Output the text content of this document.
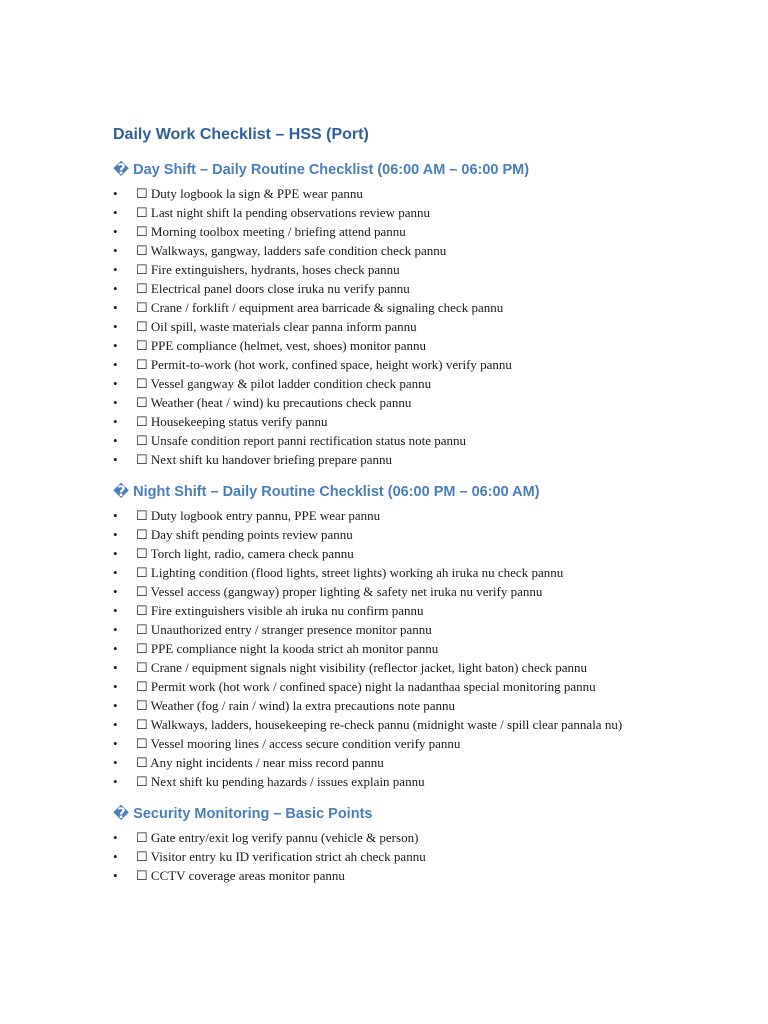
Daily Work Checklist – HSS (Port)
� Day Shift – Daily Routine Checklist (06:00 AM – 06:00 PM)
• ☐ Duty logbook la sign & PPE wear pannu
• ☐ Last night shift la pending observations review pannu
• ☐ Morning toolbox meeting / briefing attend pannu
• ☐ Walkways, gangway, ladders safe condition check pannu
• ☐ Fire extinguishers, hydrants, hoses check pannu
• ☐ Electrical panel doors close iruka nu verify pannu
• ☐ Crane / forklift / equipment area barricade & signaling check pannu
• ☐ Oil spill, waste materials clear panna inform pannu
• ☐ PPE compliance (helmet, vest, shoes) monitor pannu
• ☐ Permit-to-work (hot work, confined space, height work) verify pannu
• ☐ Vessel gangway & pilot ladder condition check pannu
• ☐ Weather (heat / wind) ku precautions check pannu
• ☐ Housekeeping status verify pannu
• ☐ Unsafe condition report panni rectification status note pannu
• ☐ Next shift ku handover briefing prepare pannu
� Night Shift – Daily Routine Checklist (06:00 PM – 06:00 AM)
• ☐ Duty logbook entry pannu, PPE wear pannu
• ☐ Day shift pending points review pannu
• ☐ Torch light, radio, camera check pannu
• ☐ Lighting condition (flood lights, street lights) working ah iruka nu check pannu
• ☐ Vessel access (gangway) proper lighting & safety net iruka nu verify pannu
• ☐ Fire extinguishers visible ah iruka nu confirm pannu
• ☐ Unauthorized entry / stranger presence monitor pannu
• ☐ PPE compliance night la kooda strict ah monitor pannu
• ☐ Crane / equipment signals night visibility (reflector jacket, light baton) check pannu
• ☐ Permit work (hot work / confined space) night la nadanthaa special monitoring pannu
• ☐ Weather (fog / rain / wind) la extra precautions note pannu
• ☐ Walkways, ladders, housekeeping re-check pannu (midnight waste / spill clear pannala nu)
• ☐ Vessel mooring lines / access secure condition verify pannu
• ☐ Any night incidents / near miss record pannu
• ☐ Next shift ku pending hazards / issues explain pannu
� Security Monitoring – Basic Points
• ☐ Gate entry/exit log verify pannu (vehicle & person)
• ☐ Visitor entry ku ID verification strict ah check pannu
• ☐ CCTV coverage areas monitor pannu
